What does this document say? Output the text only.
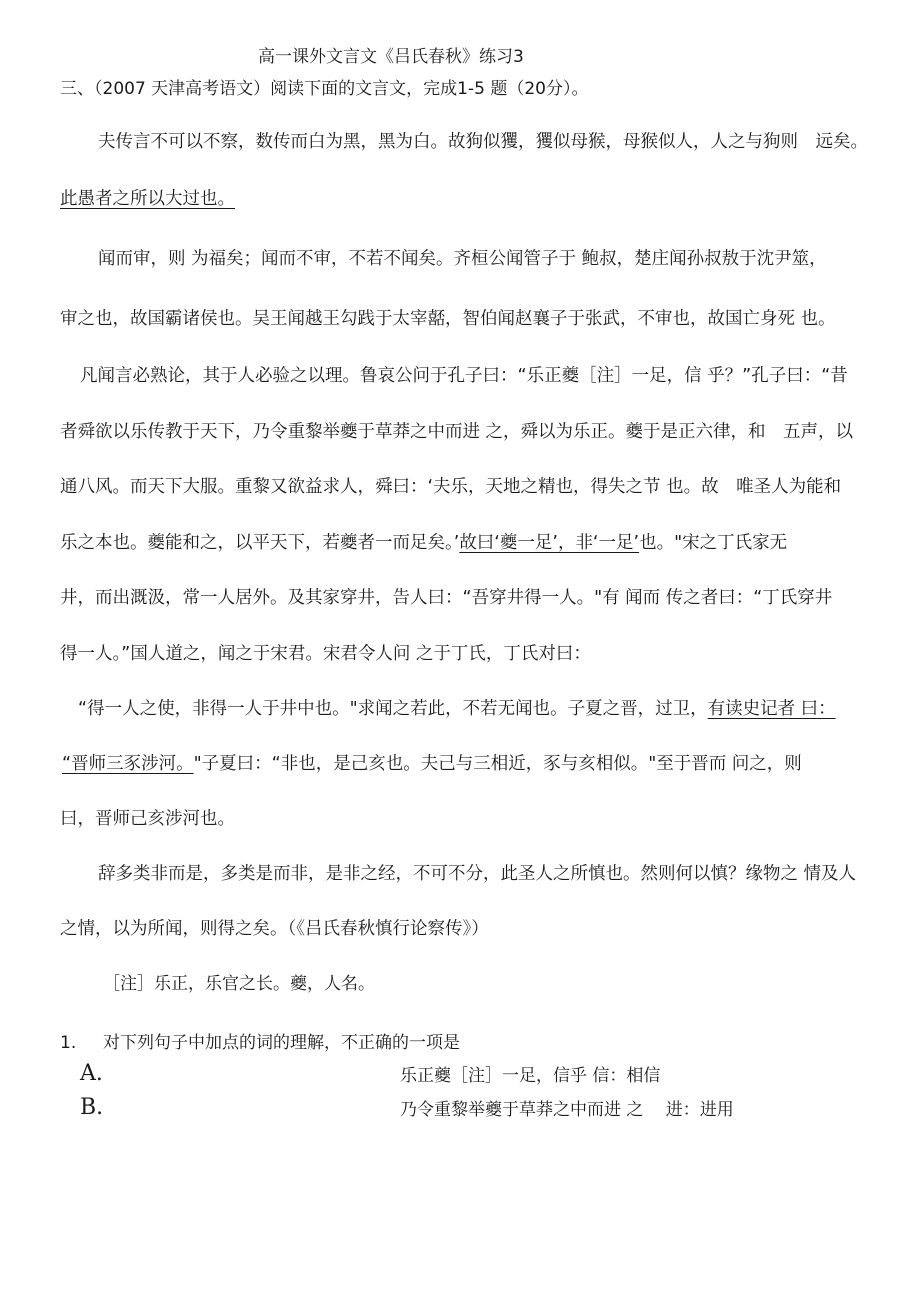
高一课外文言文《吕氏春秋》练习3
三、（2007 天津高考语文）阅读下面的文言文，完成1-5 题（20分）。
夫传言不可以不察，数传而白为黑，黑为白。故狗似玃，玃似母猴，母猴似人，人之与狗则　远矣。
此愚者之所以大过也。
闻而审，则 为福矣；闻而不审，不若不闻矣。齐桓公闻管子于 鲍叔，楚庄闻孙叔敖于沈尹筮，
审之也，故国霸诸侯也。吴王闻越王勾践于太宰嚭，智伯闻赵襄子于张武，不审也，故国亡身死 也。
凡闻言必熟论，其于人必验之以理。鲁哀公问于孔子曰：“乐正夔［注］一足，信 乎？”孔子曰：“昔
者舜欲以乐传教于天下，乃令重黎举夔于草莽之中而进 之，舜以为乐正。夔于是正六律，和　五声，以
通八风。而天下大服。重黎又欲益求人，舜曰：‘夫乐，天地之精也，得失之节 也。故　唯圣人为能和
乐之本也。夔能和之，以平天下，若夔者一而足矣。’故曰‘夔一足’，非‘一足’也。"宋之丁氏家无
井，而出溉汲，常一人居外。及其家穿井，告人曰：“吾穿井得一人。"有 闻而 传之者曰：“丁氏穿井
得一人。”国人道之，闻之于宋君。宋君令人问 之于丁氏，丁氏对曰：
“得一人之使，非得一人于井中也。"求闻之若此，不若无闻也。子夏之晋，过卫，有读史记者 曰：
“晋师三豕涉河。"子夏曰：“非也，是己亥也。夫己与三相近，豕与亥相似。"至于晋而 问之，则
曰，晋师己亥涉河也。
辞多类非而是，多类是而非，是非之经，不可不分，此圣人之所慎也。然则何以慎？缘物之 情及人
之情，以为所闻，则得之矣。（《吕氏春秋慎行论察传》）
［注］乐正，乐官之长。夔，人名。
1. 对下列句子中加点的词的理解，不正确的一项是
A.	乐正夔［注］一足，信乎 信：相信
B.	乃令重黎举夔于草莽之中而进 之　 进：进用
